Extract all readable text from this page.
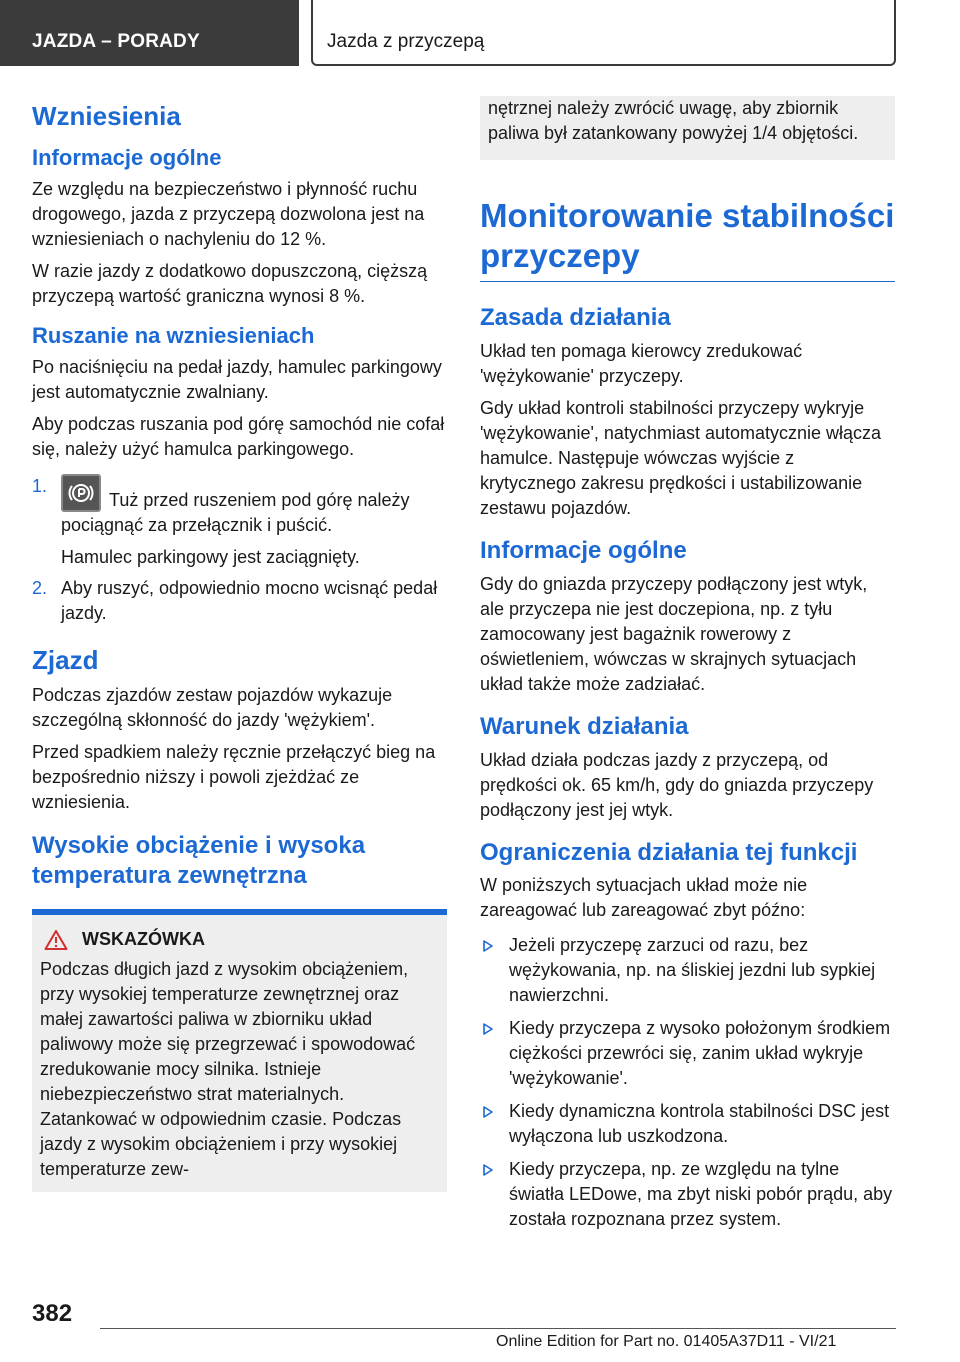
JAZDA – PORADY	Jazda z przyczepą
Wzniesienia
Informacje ogólne

Ze względu na bezpieczeństwo i płynność ruchu drogowego, jazda z przyczepą dozwolona jest na wzniesieniach o nachyleniu do 12 %.

W razie jazdy z dodatkowo dopuszczoną, cięższą przyczepą wartość graniczna wynosi 8 %.

Ruszanie na wzniesieniach

Po naciśnięciu na pedał jazdy, hamulec parkingowy jest automatycznie zwalniany.

Aby podczas ruszania pod górę samochód nie cofał się, należy użyć hamulca parkingowego.

1.
Tuż przed ruszeniem pod górę należy pociągnąć za przełącznik i puścić.
Hamulec parkingowy jest zaciągnięty.
2. Aby ruszyć, odpowiednio mocno wcisnąć pedał jazdy.
Zjazd

Podczas zjazdów zestaw pojazdów wykazuje szczególną skłonność do jazdy 'wężykiem'.

Przed spadkiem należy ręcznie przełączyć bieg na bezpośrednio niższy i powoli zjeżdżać ze wzniesienia.

Wysokie obciążenie i wysoka temperatura zewnętrzna
WSKAZÓWKA

Podczas długich jazd z wysokim obciążeniem, przy wysokiej temperaturze zewnętrznej oraz małej zawartości paliwa w zbiorniku układ paliwowy może się przegrzewać i spowodować zredukowanie mocy silnika. Istnieje niebezpieczeństwo strat materialnych. Zatankować w odpowiednim czasie. Podczas jazdy z wysokim obciążeniem i przy wysokiej temperaturze zew-

nętrznej należy zwrócić uwagę, aby zbiornik paliwa był zatankowany powyżej 1/4 objętości.

Monitorowanie stabilności przyczepy
Zasada działania

Układ ten pomaga kierowcy zredukować 'wężykowanie' przyczepy.

Gdy układ kontroli stabilności przyczepy wykryje 'wężykowanie', natychmiast automatycznie włącza hamulce. Następuje wówczas wyjście z krytycznego zakresu prędkości i ustabilizowanie zestawu pojazdów.

Informacje ogólne

Gdy do gniazda przyczepy podłączony jest wtyk, ale przyczepa nie jest doczepiona, np. z tyłu zamocowany jest bagażnik rowerowy z oświetleniem, wówczas w skrajnych sytuacjach układ także może zadziałać.

Warunek działania

Układ działa podczas jazdy z przyczepą, od prędkości ok. 65 km/h, gdy do gniazda przyczepy podłączony jest jej wtyk.

Ograniczenia działania tej funkcji

W poniższych sytuacjach układ może nie zareagować lub zareagować zbyt późno:

Jeżeli przyczepę zarzuci od razu, bez wężykowania, np. na śliskiej jezdni lub sypkiej nawierzchni.
Kiedy przyczepa z wysoko położonym środkiem ciężkości przewróci się, zanim układ wykryje 'wężykowanie'.
Kiedy dynamiczna kontrola stabilności DSC jest wyłączona lub uszkodzona.
Kiedy przyczepa, np. ze względu na tylne światła LEDowe, ma zbyt niski pobór prądu, aby została rozpoznana przez system.
382
Online Edition for Part no. 01405A37D11 - VI/21
